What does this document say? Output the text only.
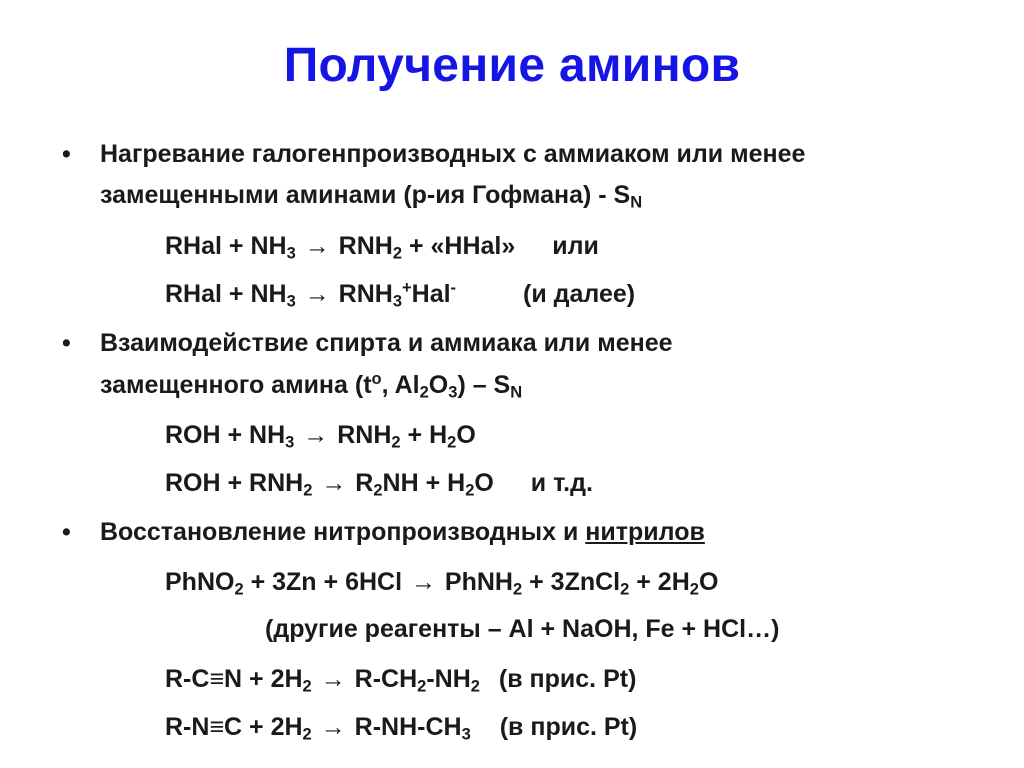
Получение аминов
• Нагревание галогенпроизводных с аммиаком или менее
замещенными аминами (р-ия Гофмана) - $S_N$
RHal + $NH_3 \to RNH_2$ + «HHal» или
RHal + $NH_3 \to RNH_3^+Hal^-$	(и далее)
• Взаимодействие спирта и аммиака или менее
замещенного амина ($t^o$, $Al_2O_3) - S_N$
ROH + $NH_3 \to RNH_2 + H_2O$
ROH + $RNH_2 \to R_2NH + H_2O$ и т.д.
• Восстановление нитропроизводных и нитрилов
PhNO$_2$ + 3Zn + 6HCl → PhNH$_2$ + 3ZnCl$_2$ + $2H_2O$
(другие реагенты – Al + NaOH, Fe + HCl…)
$R-C\equiv N + 2H_2 \to R-CH_2-NH_2$ (в прис. Pt)
$R-N\equiv C + 2H_2 \to R-NH-CH_3$ (в прис. Pt)
